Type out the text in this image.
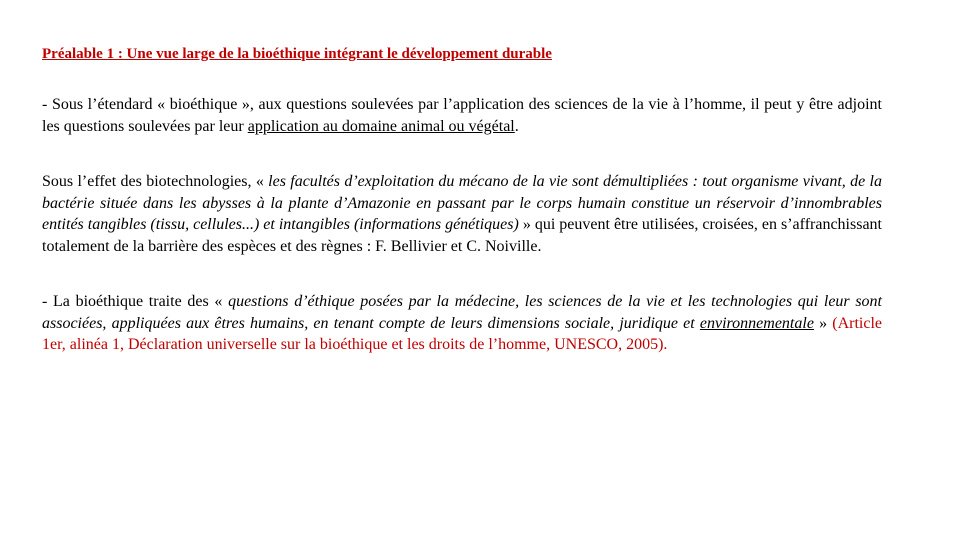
Préalable 1 : Une vue large de la bioéthique intégrant le développement durable

- Sous l’étendard « bioéthique », aux questions soulevées par l’application des sciences de la vie à l’homme, il peut y être adjoint les questions soulevées par leur application au domaine animal ou végétal.

Sous l’effet des biotechnologies, « les facultés d’exploitation du mécano de la vie sont démultipliées : tout organisme vivant, de la bactérie située dans les abysses à la plante d’Amazonie en passant par le corps humain constitue un réservoir d’innombrables entités tangibles (tissu, cellules...) et intangibles (informations génétiques) » qui peuvent être utilisées, croisées, en s’affranchissant totalement de la barrière des espèces et des règnes : F. Bellivier et C. Noiville.

- La bioéthique traite des « questions d’éthique posées par la médecine, les sciences de la vie et les technologies qui leur sont associées, appliquées aux êtres humains, en tenant compte de leurs dimensions sociale, juridique et environnementale » (Article 1er, alinéa 1, Déclaration universelle sur la bioéthique et les droits de l’homme, UNESCO, 2005).
